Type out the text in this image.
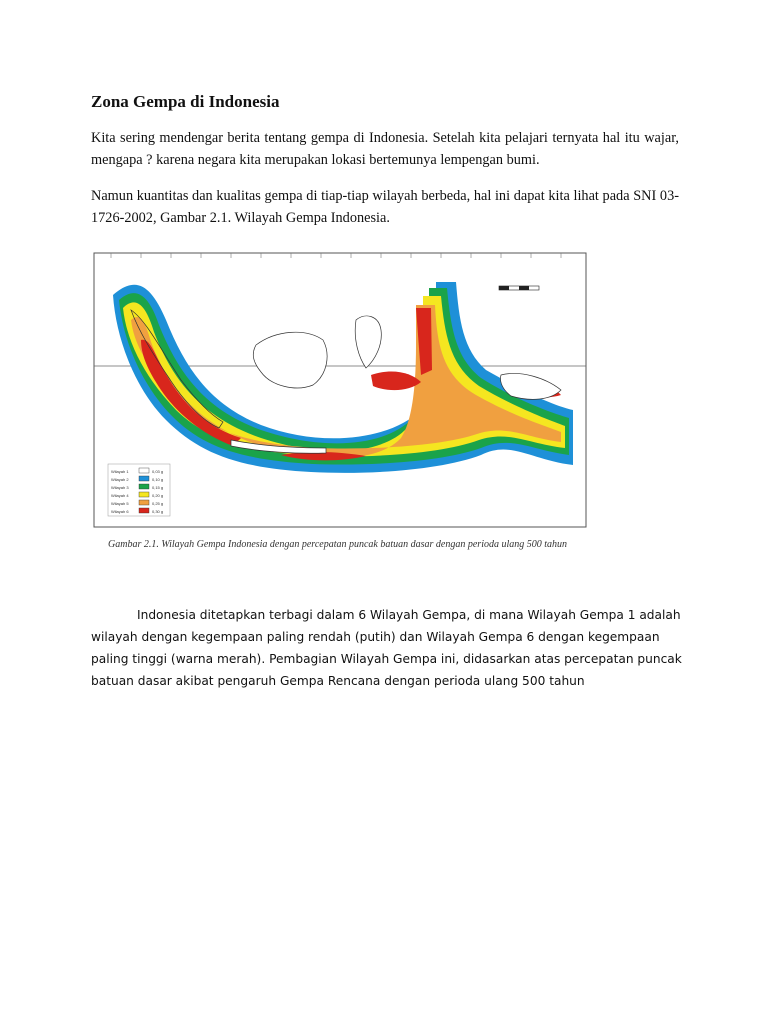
Zona Gempa di Indonesia

Kita sering mendengar berita tentang gempa di Indonesia. Setelah kita pelajari ternyata hal itu wajar, mengapa ? karena negara kita merupakan lokasi bertemunya lempengan bumi.

Namun kuantitas dan kualitas gempa di tiap-tiap wilayah berbeda, hal ini dapat kita lihat pada SNI 03-1726-2002, Gambar 2.1. Wilayah Gempa Indonesia.

Wilayah 1	0,03 g
Wilayah 2	0,10 g
Wilayah 3	0,15 g
Wilayah 4	0,20 g
Wilayah 5	0,25 g
Wilayah 6	0,30 g
Gambar 2.1. Wilayah Gempa Indonesia dengan percepatan puncak batuan dasar dengan perioda ulang 500 tahun

Indonesia ditetapkan terbagi dalam 6 Wilayah Gempa, di mana Wilayah Gempa 1 adalah wilayah dengan kegempaan paling rendah (putih) dan Wilayah Gempa 6 dengan kegempaan paling tinggi (warna merah). Pembagian Wilayah Gempa ini, didasarkan atas percepatan puncak batuan dasar akibat pengaruh Gempa Rencana dengan perioda ulang 500 tahun
